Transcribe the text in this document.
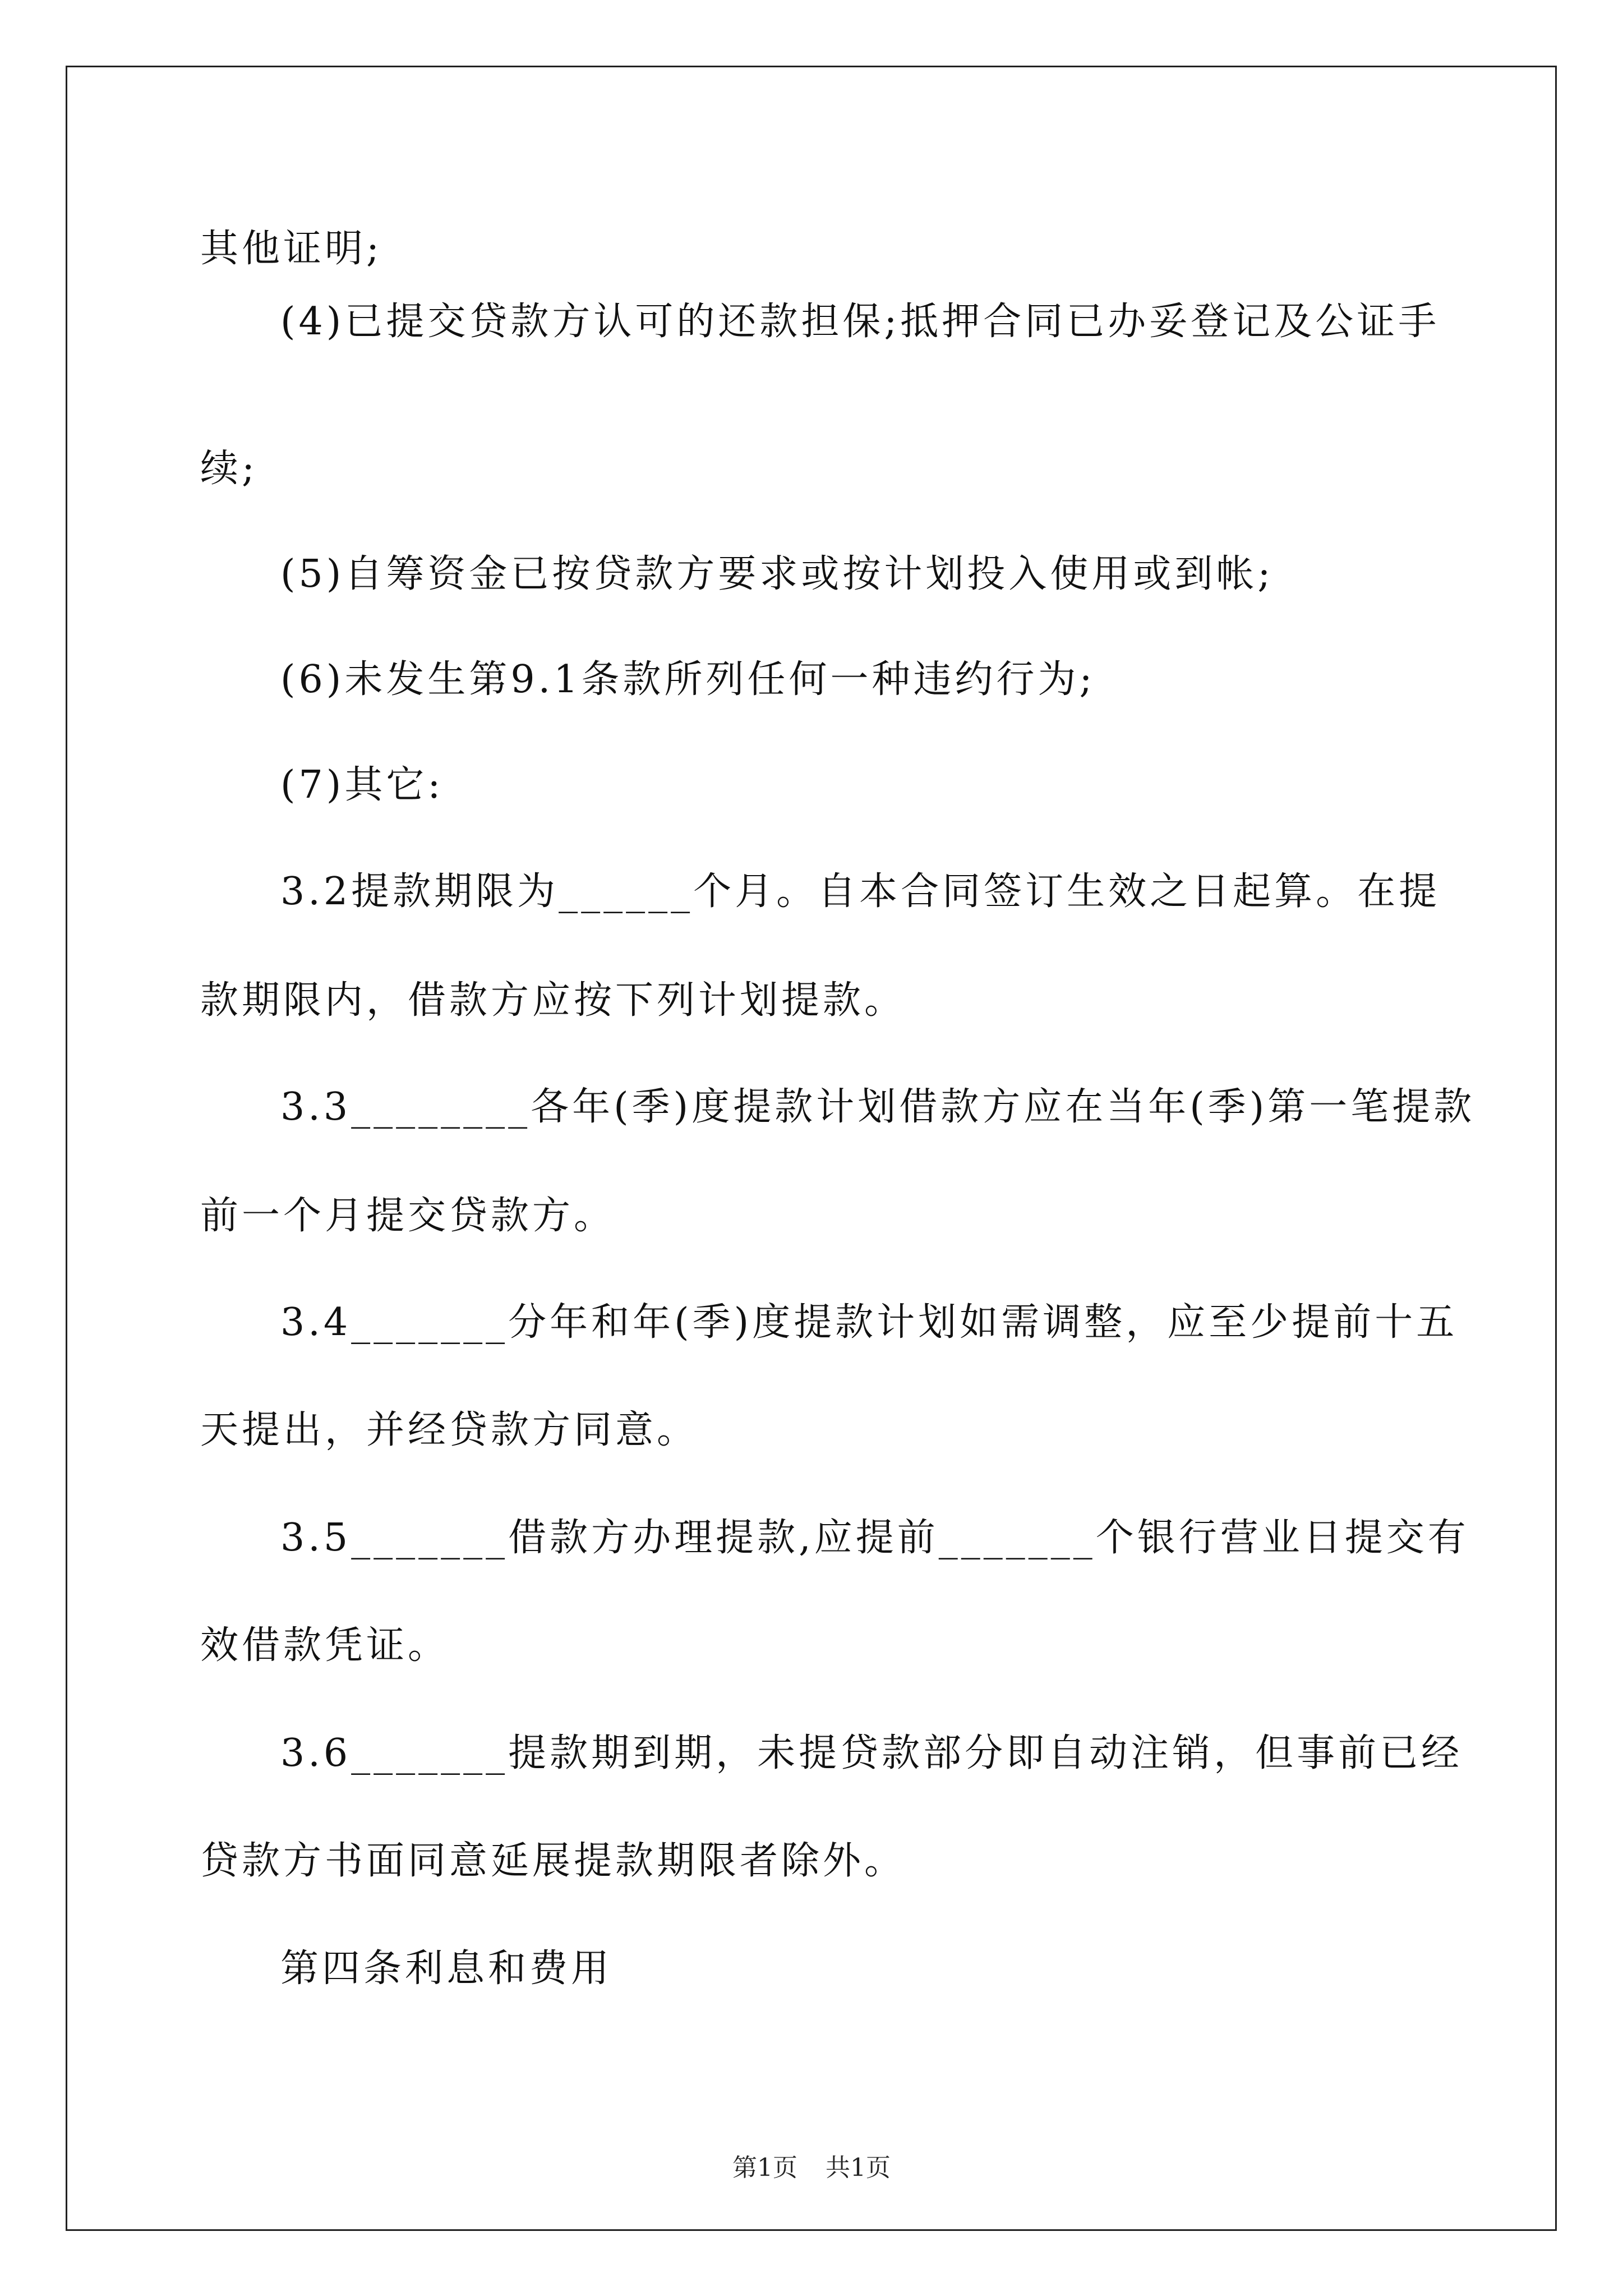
其他证明;

(4)已提交贷款方认可的还款担保;抵押合同已办妥登记及公证手

续;

(5)自筹资金已按贷款方要求或按计划投入使用或到帐;

(6)未发生第9.1条款所列任何一种违约行为;

(7)其它:

3.2提款期限为______个月。自本合同签订生效之日起算。在提

款期限内，借款方应按下列计划提款。

3.3________各年(季)度提款计划借款方应在当年(季)第一笔提款

前一个月提交贷款方。

3.4_______分年和年(季)度提款计划如需调整，应至少提前十五

天提出，并经贷款方同意。

3.5_______借款方办理提款,应提前_______个银行营业日提交有

效借款凭证。

3.6_______提款期到期，未提贷款部分即自动注销，但事前已经

贷款方书面同意延展提款期限者除外。

第四条利息和费用

第1页 共1页
